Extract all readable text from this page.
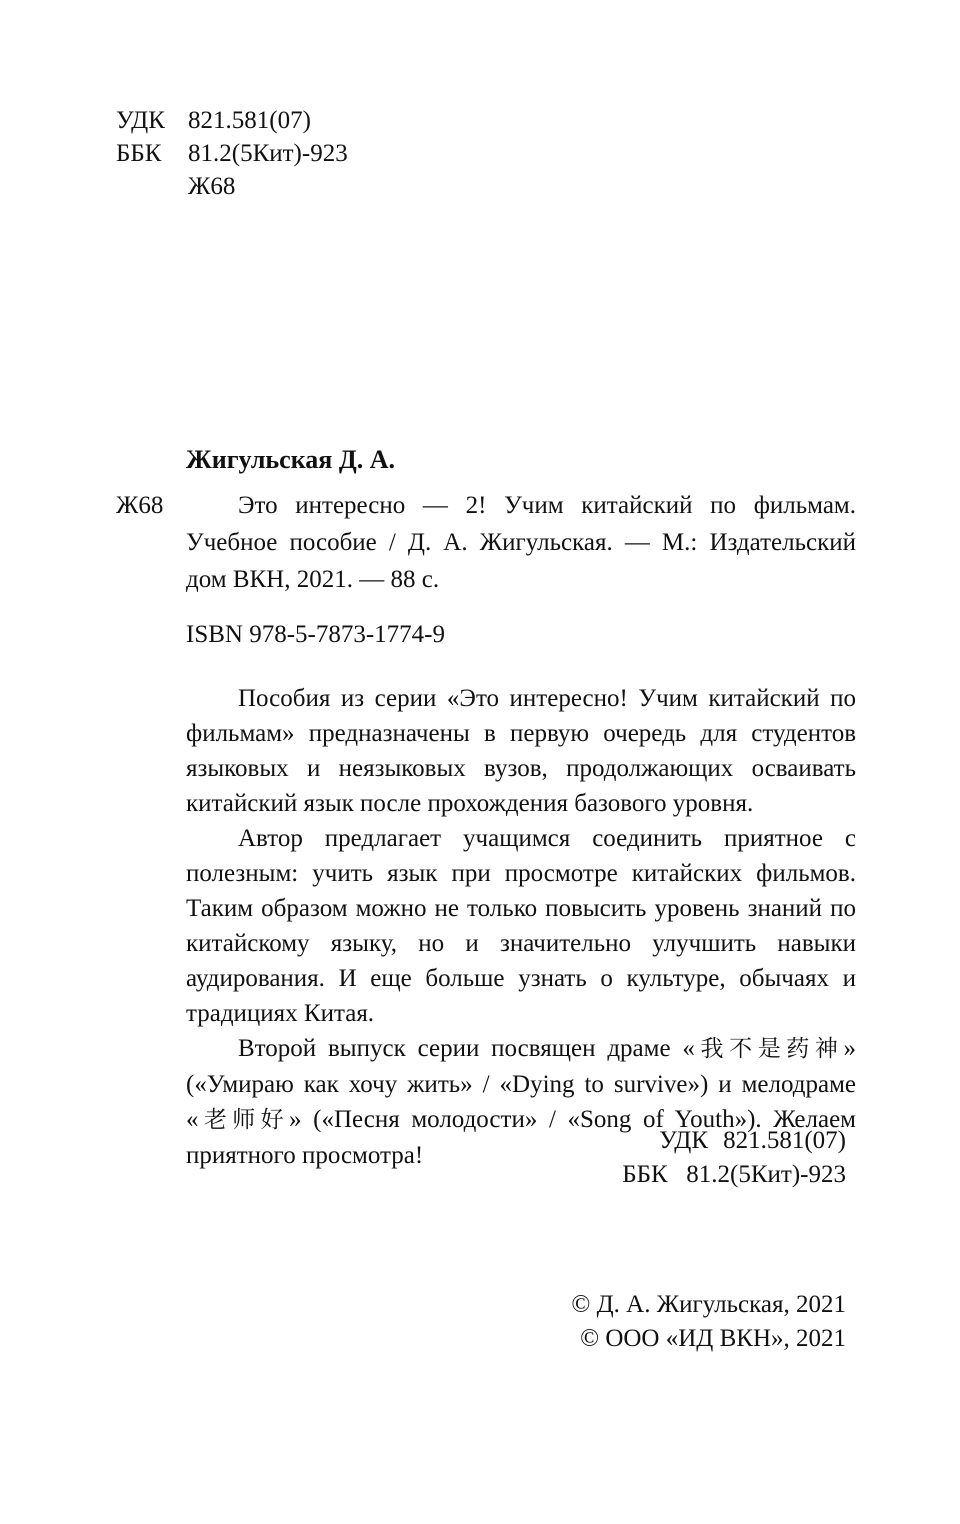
УДК 821.581(07)
ББК	81.2(5Кит)-923
Ж68
Жигульская Д. А.
Ж68	Это интересно — 2! Учим китайский по фильмам. Учебное пособие / Д. А. Жигульская. — М.: Издательский дом ВКН, 2021. — 88 с.
ISBN 978-5-7873-1774-9

Пособия из серии «Это интересно! Учим китайский по фильмам» предназначены в первую очередь для студентов языковых и неязыковых вузов, продолжающих осваивать китайский язык после прохождения базового уровня.

Автор предлагает учащимся соединить приятное с полезным: учить язык при просмотре китайских фильмов. Таким образом можно не только повысить уровень знаний по китайскому языку, но и значительно улучшить навыки аудирования. И еще больше узнать о культуре, обычаях и традициях Китая.

Второй выпуск серии посвящен драме «我不是药神» («Умираю как хочу жить» / «Dying to survive») и мелодраме «老师好» («Песня молодости» / «Song of Youth»). Желаем приятного просмотра!

УДК 821.581(07)
ББК 81.2(5Кит)-923
© Д. А. Жигульская, 2021
© ООО «ИД ВКН», 2021
